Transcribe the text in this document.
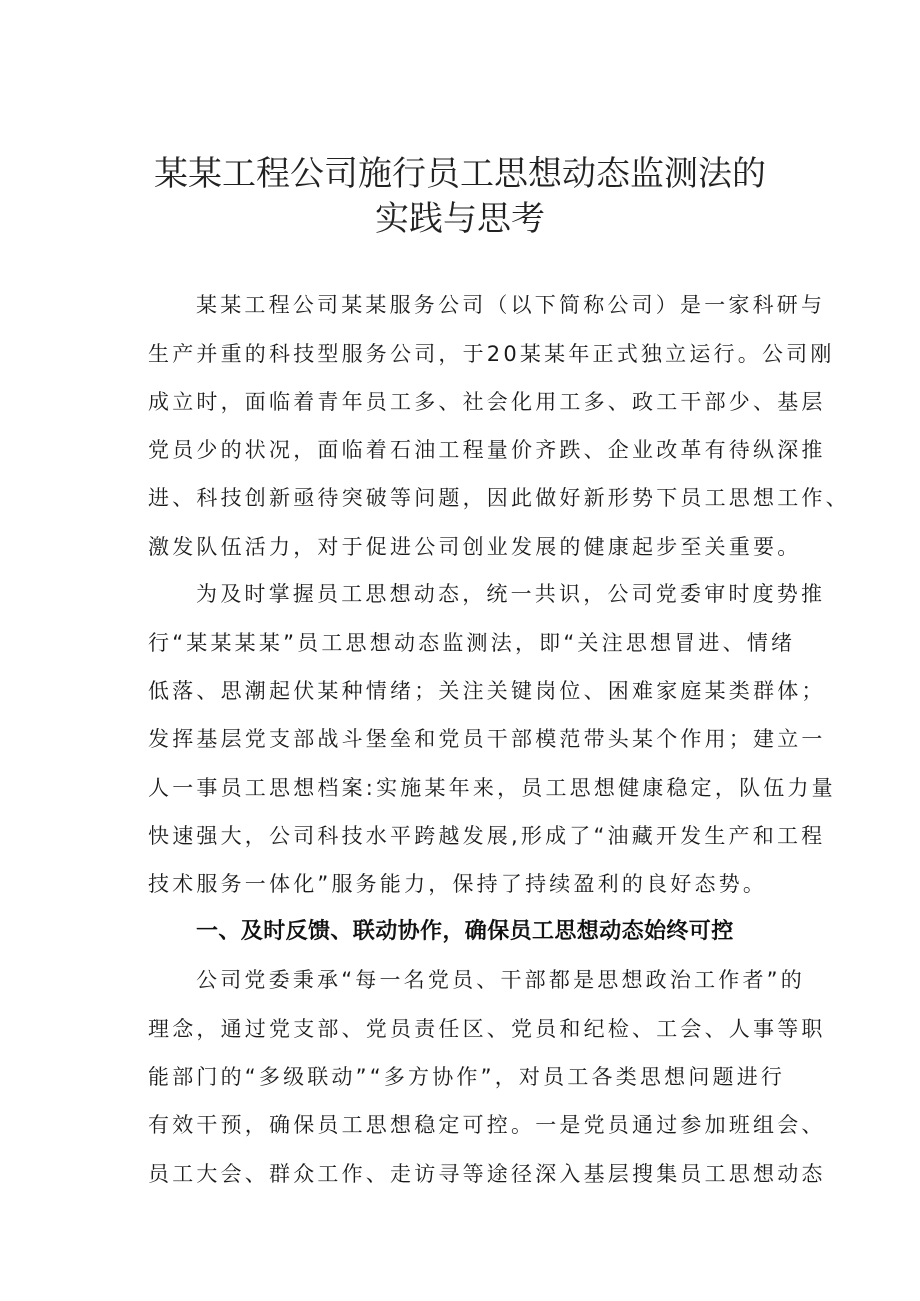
某某工程公司施行员工思想动态监测法的
实践与思考

某某工程公司某某服务公司（以下简称公司）是一家科研与

生产并重的科技型服务公司，于20某某年正式独立运行。公司刚

成立时，面临着青年员工多、社会化用工多、政工干部少、基层

党员少的状况，面临着石油工程量价齐跌、企业改革有待纵深推

进、科技创新亟待突破等问题，因此做好新形势下员工思想工作、

激发队伍活力，对于促进公司创业发展的健康起步至关重要。

为及时掌握员工思想动态，统一共识，公司党委审时度势推

行“某某某某”员工思想动态监测法，即“关注思想冒进、情绪

低落、思潮起伏某种情绪；关注关键岗位、困难家庭某类群体；

发挥基层党支部战斗堡垒和党员干部模范带头某个作用；建立一

人一事员工思想档案:实施某年来，员工思想健康稳定，队伍力量

快速强大，公司科技水平跨越发展,形成了“油藏开发生产和工程

技术服务一体化”服务能力，保持了持续盈利的良好态势。

一、及时反馈、联动协作，确保员工思想动态始终可控

公司党委秉承“每一名党员、干部都是思想政治工作者”的

理念，通过党支部、党员责任区、党员和纪检、工会、人事等职

能部门的“多级联动”“多方协作”，对员工各类思想问题进行

有效干预，确保员工思想稳定可控。一是党员通过参加班组会、

员工大会、群众工作、走访寻等途径深入基层搜集员工思想动态
